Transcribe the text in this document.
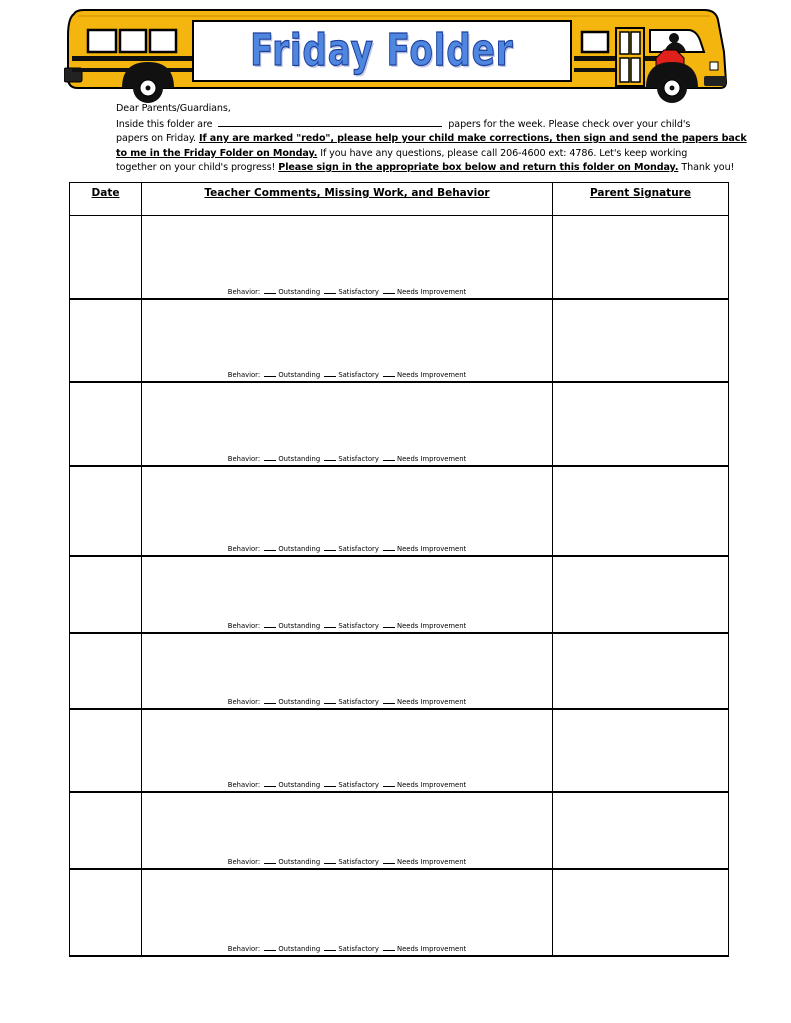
Friday Folder

Dear Parents/Guardians,

Inside this folder are	papers for the week. Please check over your child's

papers on Friday. If any are marked "redo", please help your child make corrections, then sign and send the papers back

to me in the Friday Folder on Monday. If you have any questions, please call 206-4600 ext: 4786. Let's keep working

together on your child's progress! Please sign in the appropriate box below and return this folder on Monday. Thank you!

Date	Teacher Comments, Missing Work, and Behavior	Parent Signature

	Behavior: Outstanding Satisfactory Needs Improvement	

	Behavior: Outstanding Satisfactory Needs Improvement	

	Behavior: Outstanding Satisfactory Needs Improvement	

	Behavior: Outstanding Satisfactory Needs Improvement	

	Behavior: Outstanding Satisfactory Needs Improvement	

	Behavior: Outstanding Satisfactory Needs Improvement	

	Behavior: Outstanding Satisfactory Needs Improvement	

	Behavior: Outstanding Satisfactory Needs Improvement	

	Behavior: Outstanding Satisfactory Needs Improvement	
